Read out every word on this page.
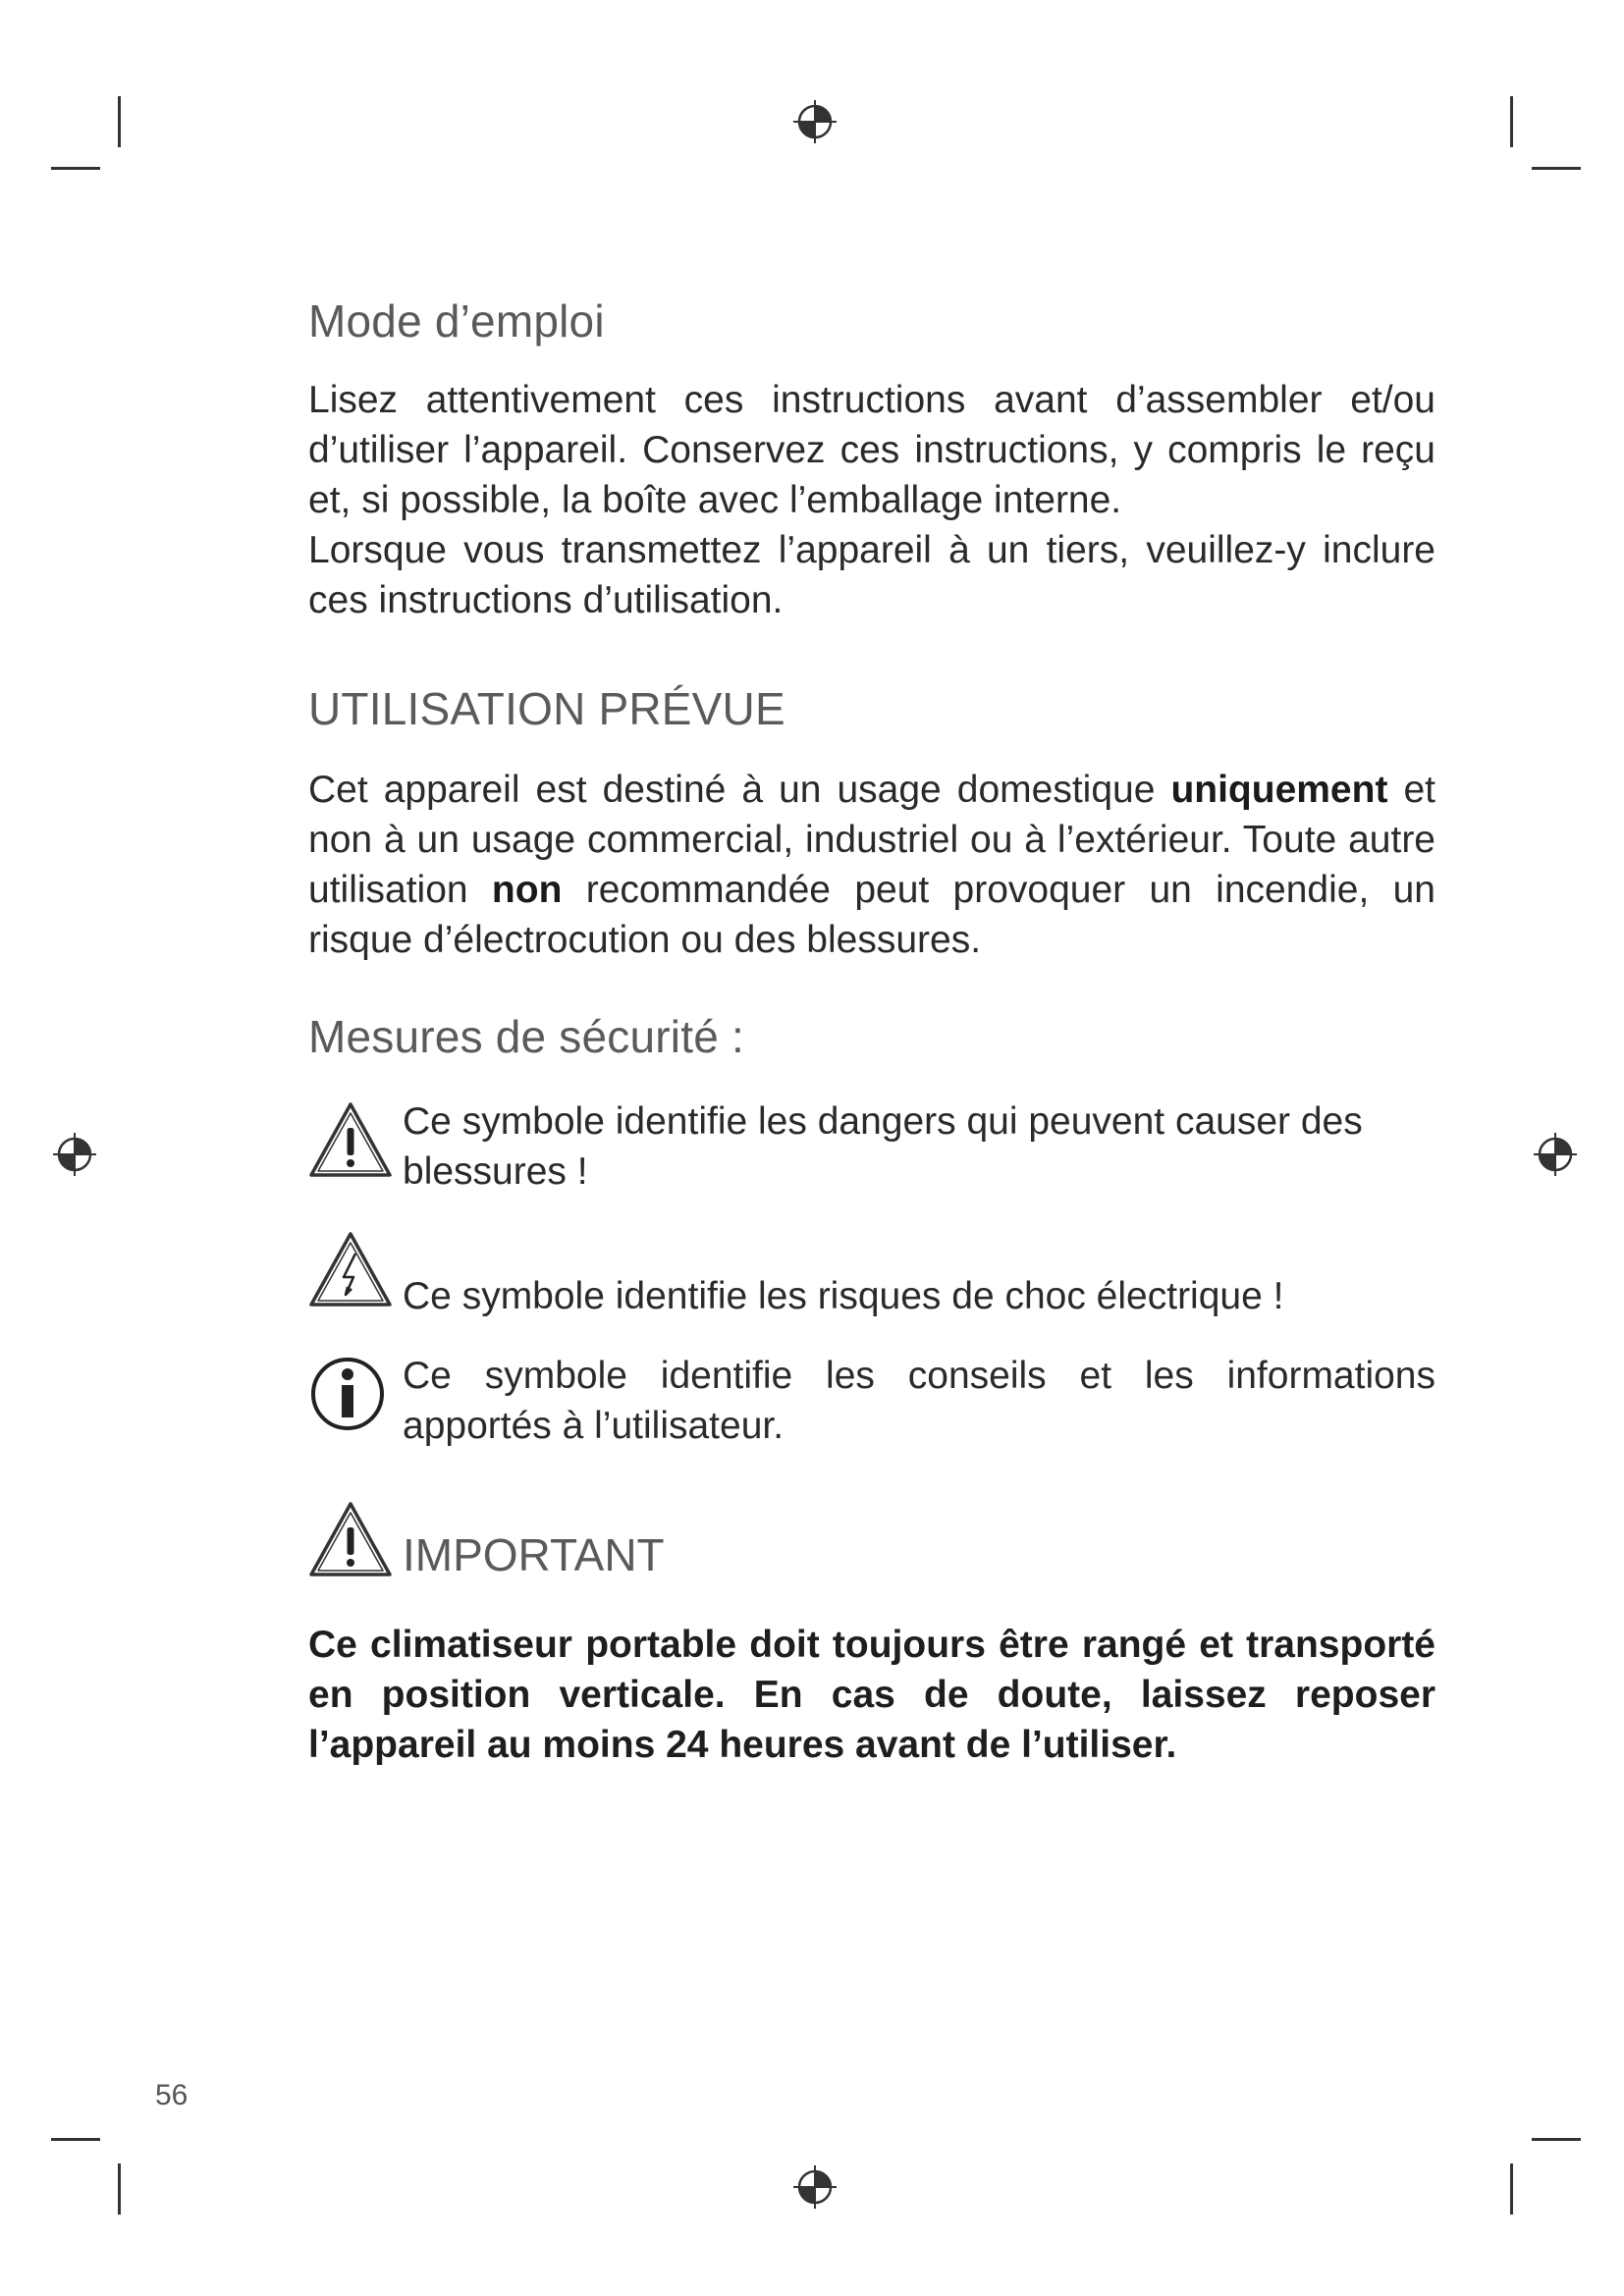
Mode d’emploi

Lisez attentivement ces instructions avant d’assembler et/ou d’utiliser l’appareil. Conservez ces instructions, y compris le reçu et, si possible, la boîte avec l’emballage interne.

Lorsque vous transmettez l’appareil à un tiers, veuillez-y inclure ces instructions d’utilisation.

UTILISATION PRÉVUE
Cet appareil est destiné à un usage domestique uniquement et non à un usage commercial, industriel ou à l’extérieur. Toute autre utilisation non recommandée peut provoquer un incendie, un risque d’électrocution ou des blessures.
Mesures de sécurité :
Ce symbole identifie les dangers qui peuvent causer des blessures !
Ce symbole identifie les risques de choc électrique !
Ce symbole identifie les conseils et les informations apportés à l’utilisateur.
IMPORTANT

Ce climatiseur portable doit toujours être rangé et transporté en position verticale. En cas de doute, laissez reposer l’appareil au moins 24 heures avant de l’utiliser.

56
